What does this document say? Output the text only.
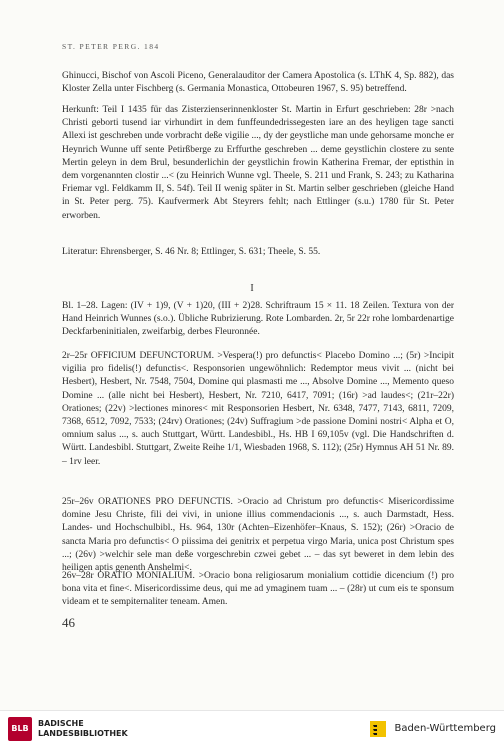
ST. PETER PERG. 184

Ghinucci, Bischof von Ascoli Piceno, Generalauditor der Camera Apostolica (s. LThK 4, Sp. 882), das Kloster Zella unter Fischberg (s. Germania Monastica, Ottobeuren 1967, S. 95) betreffend.

Herkunft: Teil I 1435 für das Zisterzienserinnenkloster St. Martin in Erfurt geschrieben: 28r >nach Christi geborti tusend iar virhundirt in dem funffeundedrissegesten iare an des heyligen tage sancti Allexi ist geschreben unde vorbracht deße vigilie ..., dy der geystliche man unde gehorsame monche er Heynrich Wunne uff sente Petirßberge zu Erffurthe geschreben ... deme geystlichin clostere zu sente Mertin geleyn in dem Brul, besunderlichin der geystlichin frowin Katherina Fremar, der eptisthin in dem vorgenannten clostir ...< (zu Heinrich Wunne vgl. Theele, S. 211 und Frank, S. 243; zu Katharina Friemar vgl. Feldkamm II, S. 54f). Teil II wenig später in St. Martin selber geschrieben (gleiche Hand in St. Peter perg. 75). Kaufvermerk Abt Steyrers fehlt; nach Ettlinger (s.u.) 1780 für St. Peter erworben.

Literatur: Ehrensberger, S. 46 Nr. 8; Ettlinger, S. 631; Theele, S. 55.

I

Bl. 1–28. Lagen: (IV + 1)9, (V + 1)20, (III + 2)28. Schriftraum 15 × 11. 18 Zeilen. Textura von der Hand Heinrich Wunnes (s.o.). Übliche Rubrizierung. Rote Lombarden. 2r, 5r 22r rohe lombardenartige Deckfarbeninitialen, zweifarbig, derbes Fleuronnée.

2r–25r OFFICIUM DEFUNCTORUM. >Vespera(!) pro defunctis< Placebo Domino ...; (5r) >Incipit vigilia pro fidelis(!) defunctis<. Responsorien ungewöhnlich: Redemptor meus vivit ... (nicht bei Hesbert), Hesbert, Nr. 7548, 7504, Domine qui plasmasti me ..., Absolve Domine ..., Memento queso Domine ... (alle nicht bei Hesbert), Hesbert, Nr. 7210, 6417, 7091; (16r) >ad laudes<; (21r–22r) Orationes; (22v) >lectiones minores< mit Responsorien Hesbert, Nr. 6348, 7477, 7143, 6811, 7209, 7368, 6512, 7092, 7533; (24rv) Orationes; (24v) Suffragium >de passione Domini nostri< Alpha et O, omnium salus ..., s. auch Stuttgart, Württ. Landesbibl., Hs. HB I 69,105v (vgl. Die Handschriften d. Württ. Landesbibl. Stuttgart, Zweite Reihe 1/1, Wiesbaden 1968, S. 112); (25r) Hymnus AH 51 Nr. 89. – 1rv leer.

25r–26v ORATIONES PRO DEFUNCTIS. >Oracio ad Christum pro defunctis< Misericordissime domine Jesu Christe, fili dei vivi, in unione illius commendacionis ..., s. auch Darmstadt, Hess. Landes- und Hochschulbibl., Hs. 964, 130r (Achten–Eizenhöfer–Knaus, S. 152); (26r) >Oracio de sancta Maria pro defunctis< O piissima dei genitrix et perpetua virgo Maria, unica post Christum spes ...; (26v) >welchir sele man deße vorgeschrebin czwei gebet ... – das syt beweret in dem lebin des heiligen aptis genenth Anshelmi<.

26v–28r ORATIO MONIALIUM. >Oracio bona religiosarum monialium cottidie dicencium (!) pro bona vita et fine<. Misericordissime deus, qui me ad ymaginem tuam ... – (28r) ut cum eis te sponsum videam et te sempiternaliter teneam. Amen.

46
BLB
BADISCHE
LANDESBIBLIOTHEK	Baden-Württemberg
